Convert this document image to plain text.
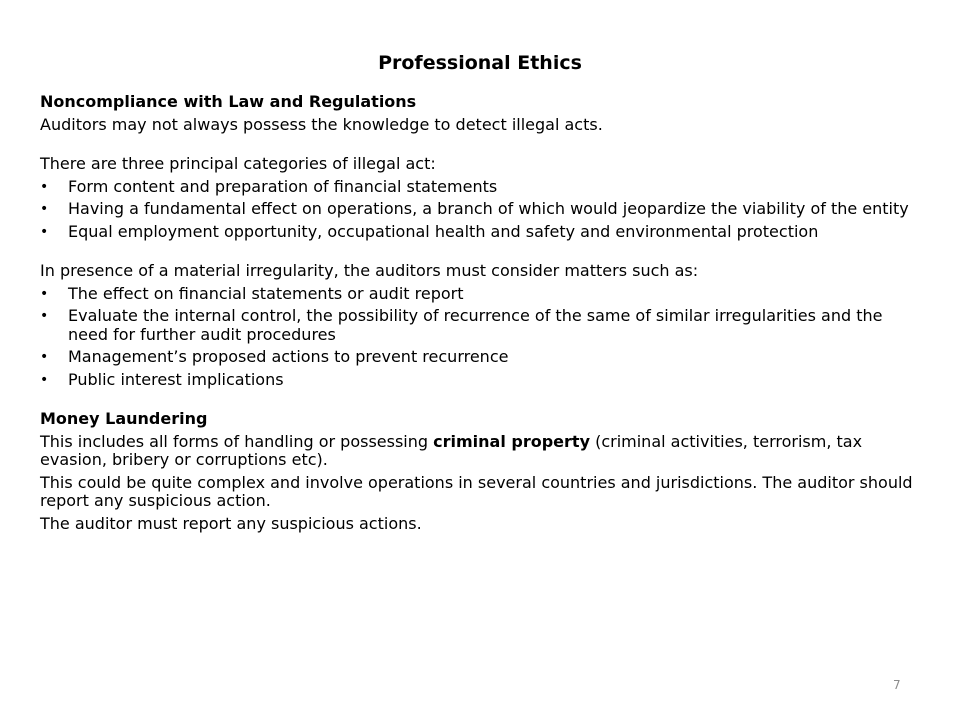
Professional Ethics
Noncompliance with Law and Regulations
Auditors may not always possess the knowledge to detect illegal acts.
There are three principal categories of illegal act:
• Form content and preparation of financial statements
• Having a fundamental effect on operations, a branch of which would jeopardize the viability of the entity
• Equal employment opportunity, occupational health and safety and environmental protection
In presence of a material irregularity, the auditors must consider matters such as:
• The effect on financial statements or audit report
• Evaluate the internal control, the possibility of recurrence of the same of similar irregularities and the need for further audit procedures
• Management’s proposed actions to prevent recurrence
• Public interest implications
Money Laundering
This includes all forms of handling or possessing criminal property (criminal activities, terrorism, tax evasion, bribery or corruptions etc).
This could be quite complex and involve operations in several countries and jurisdictions. The auditor should report any suspicious action.
The auditor must report any suspicious actions.
7
